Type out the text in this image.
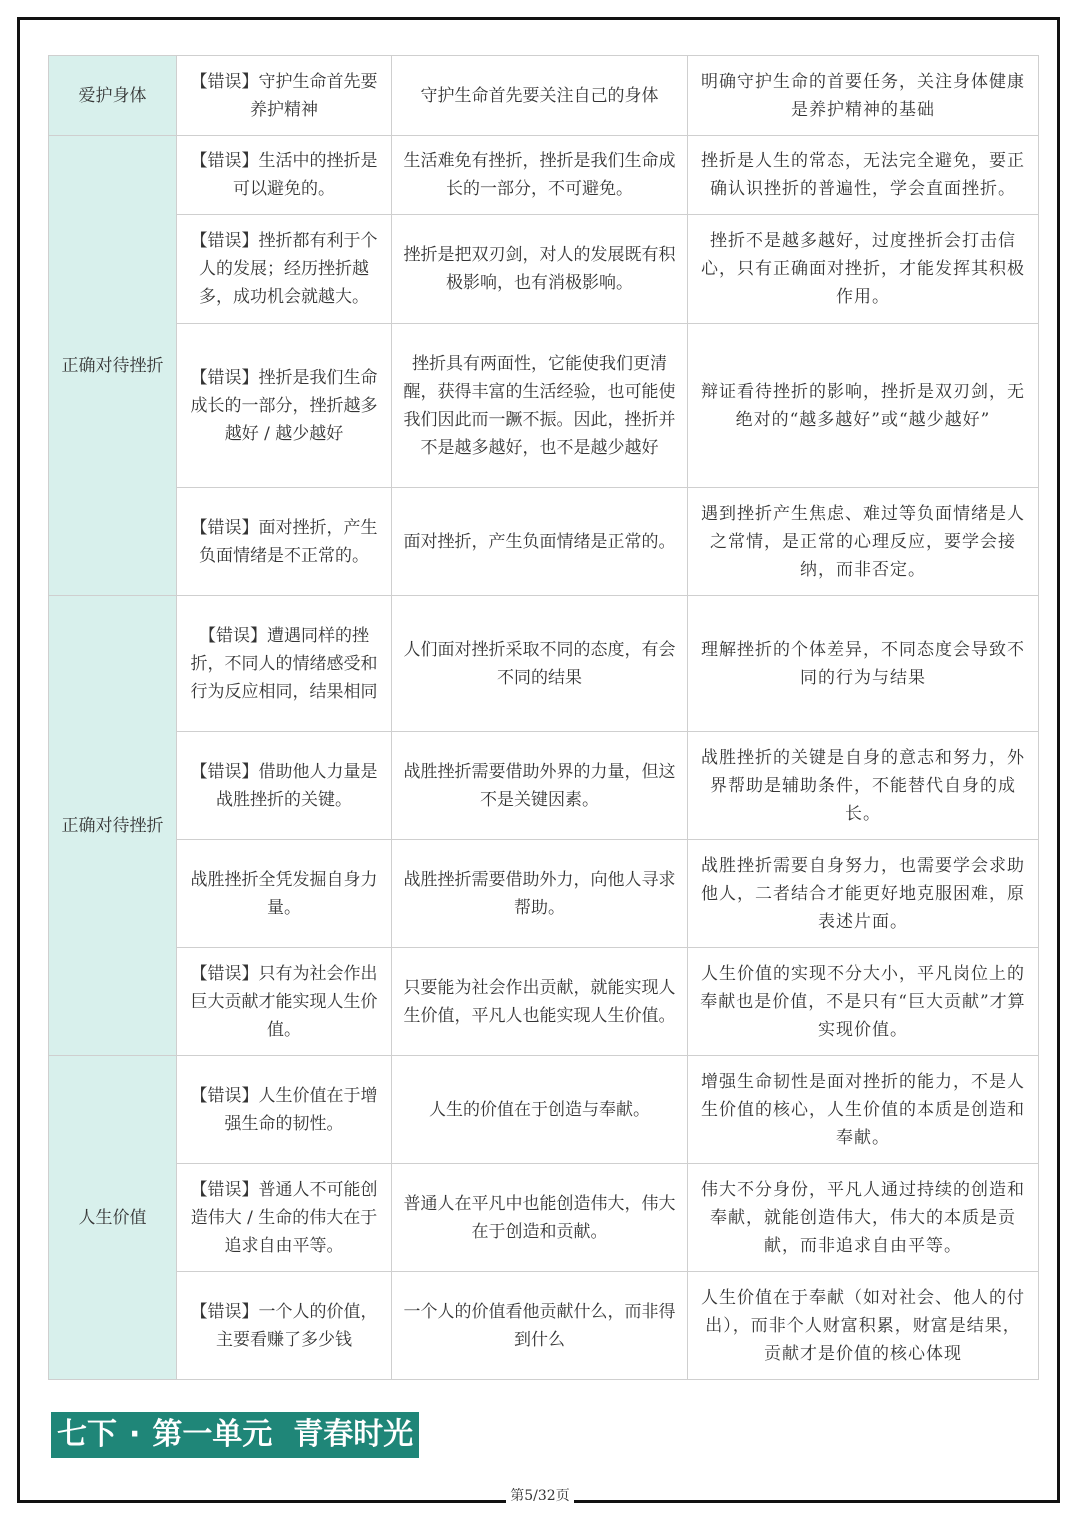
爱护身体	【错误】守护生命首先要养护精神	守护生命首先要关注自己的身体	明确守护生命的首要任务，关注身体健康是养护精神的基础
正确对待挫折	【错误】生活中的挫折是可以避免的。	生活难免有挫折，挫折是我们生命成长的一部分，不可避免。	挫折是人生的常态，无法完全避免，要正确认识挫折的普遍性，学会直面挫折。
	【错误】挫折都有利于个人的发展；经历挫折越多，成功机会就越大。	挫折是把双刃剑，对人的发展既有积极影响，也有消极影响。	挫折不是越多越好，过度挫折会打击信心，只有正确面对挫折，才能发挥其积极作用。
	【错误】挫折是我们生命成长的一部分，挫折越多越好 / 越少越好	挫折具有两面性，它能使我们更清醒，获得丰富的生活经验，也可能使我们因此而一蹶不振。因此，挫折并不是越多越好，也不是越少越好	辩证看待挫折的影响，挫折是双刃剑，无绝对的“越多越好”或“越少越好”
	【错误】面对挫折，产生负面情绪是不正常的。	面对挫折，产生负面情绪是正常的。	遇到挫折产生焦虑、难过等负面情绪是人之常情，是正常的心理反应，要学会接纳，而非否定。
正确对待挫折	【错误】遭遇同样的挫折，不同人的情绪感受和行为反应相同，结果相同	人们面对挫折采取不同的态度，有会不同的结果	理解挫折的个体差异，不同态度会导致不同的行为与结果
	【错误】借助他人力量是战胜挫折的关键。	战胜挫折需要借助外界的力量，但这不是关键因素。	战胜挫折的关键是自身的意志和努力，外界帮助是辅助条件，不能替代自身的成长。
	战胜挫折全凭发掘自身力量。	战胜挫折需要借助外力，向他人寻求帮助。	战胜挫折需要自身努力，也需要学会求助他人，二者结合才能更好地克服困难，原表述片面。
	【错误】只有为社会作出巨大贡献才能实现人生价值。	只要能为社会作出贡献，就能实现人生价值，平凡人也能实现人生价值。	人生价值的实现不分大小，平凡岗位上的奉献也是价值，不是只有“巨大贡献”才算实现价值。
人生价值	【错误】人生价值在于增强生命的韧性。	人生的价值在于创造与奉献。	增强生命韧性是面对挫折的能力，不是人生价值的核心，人生价值的本质是创造和奉献。
	【错误】普通人不可能创造伟大 / 生命的伟大在于追求自由平等。	普通人在平凡中也能创造伟大，伟大在于创造和贡献。	伟大不分身份，平凡人通过持续的创造和奉献，就能创造伟大，伟大的本质是贡献，而非追求自由平等。
	【错误】一个人的价值，主要看赚了多少钱	一个人的价值看他贡献什么，而非得到什么	人生价值在于奉献（如对社会、他人的付出），而非个人财富积累，财富是结果，贡献才是价值的核心体现
七下 · 第一单元  青春时光
第5/32页
